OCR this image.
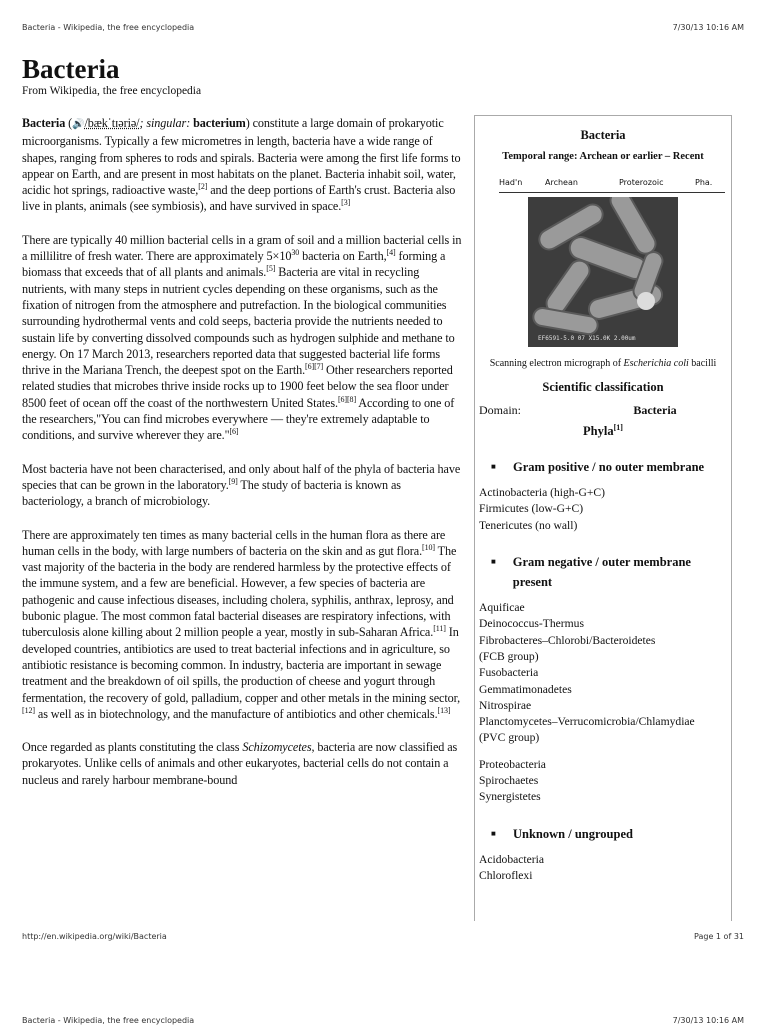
Bacteria - Wikipedia, the free encyclopedia	7/30/13 10:16 AM
Bacteria
From Wikipedia, the free encyclopedia

Bacteria (🔊/bækˈtɪəriə/; singular: bacterium) constitute a large domain of prokaryotic microorganisms. Typically a few micrometres in length, bacteria have a wide range of shapes, ranging from spheres to rods and spirals. Bacteria were among the first life forms to appear on Earth, and are present in most habitats on the planet. Bacteria inhabit soil, water, acidic hot springs, radioactive waste,[2] and the deep portions of Earth's crust. Bacteria also live in plants, animals (see symbiosis), and have survived in space.[3]

There are typically 40 million bacterial cells in a gram of soil and a million bacterial cells in a millilitre of fresh water. There are approximately $5\times 10^{30}$ bacteria on Earth,[4] forming a biomass that exceeds that of all plants and animals.[5] Bacteria are vital in recycling nutrients, with many steps in nutrient cycles depending on these organisms, such as the fixation of nitrogen from the atmosphere and putrefaction. In the biological communities surrounding hydrothermal vents and cold seeps, bacteria provide the nutrients needed to sustain life by converting dissolved compounds such as hydrogen sulphide and methane to energy. On 17 March 2013, researchers reported data that suggested bacterial life forms thrive in the Mariana Trench, the deepest spot on the Earth.[6][7] Other researchers reported related studies that microbes thrive inside rocks up to 1900 feet below the sea floor under 8500 feet of ocean off the coast of the northwestern United States.[6][8] According to one of the researchers,"You can find microbes everywhere — they're extremely adaptable to conditions, and survive wherever they are."[6]

Most bacteria have not been characterised, and only about half of the phyla of bacteria have species that can be grown in the laboratory.[9] The study of bacteria is known as bacteriology, a branch of microbiology.

There are approximately ten times as many bacterial cells in the human flora as there are human cells in the body, with large numbers of bacteria on the skin and as gut flora.[10] The vast majority of the bacteria in the body are rendered harmless by the protective effects of the immune system, and a few are beneficial. However, a few species of bacteria are pathogenic and cause infectious diseases, including cholera, syphilis, anthrax, leprosy, and bubonic plague. The most common fatal bacterial diseases are respiratory infections, with tuberculosis alone killing about 2 million people a year, mostly in sub-Saharan Africa.[11] In developed countries, antibiotics are used to treat bacterial infections and in agriculture, so antibiotic resistance is becoming common. In industry, bacteria are important in sewage treatment and the breakdown of oil spills, the production of cheese and yogurt through fermentation, the recovery of gold, palladium, copper and other metals in the mining sector,[12] as well as in biotechnology, and the manufacture of antibiotics and other chemicals.[13]

Once regarded as plants constituting the class Schizomycetes, bacteria are now classified as prokaryotes. Unlike cells of animals and other eukaryotes, bacterial cells do not contain a nucleus and rarely harbour membrane-bound

Bacteria
Temporal range: Archean or earlier – Recent
Had'n	Archean	Proterozoic	Pha.
EF6591-5.0 07 X15.0K 2.00um
Scanning electron micrograph of Escherichia coli bacilli
Scientific classification
Domain:	Bacteria
Phyla[1]
■	Gram positive / no outer membrane
Actinobacteria (high-G+C)
Firmicutes (low-G+C)
Tenericutes (no wall)
■	Gram negative / outer membrane present
Aquificae
Deinococcus-Thermus
Fibrobacteres–Chlorobi/Bacteroidetes
(FCB group)
Fusobacteria
Gemmatimonadetes
Nitrospirae
Planctomycetes–Verrucomicrobia/Chlamydiae
(PVC group)
Proteobacteria
Spirochaetes
Synergistetes
■	Unknown / ungrouped
Acidobacteria
Chloroflexi
http://en.wikipedia.org/wiki/Bacteria	Page 1 of 31
Bacteria - Wikipedia, the free encyclopedia	7/30/13 10:16 AM
